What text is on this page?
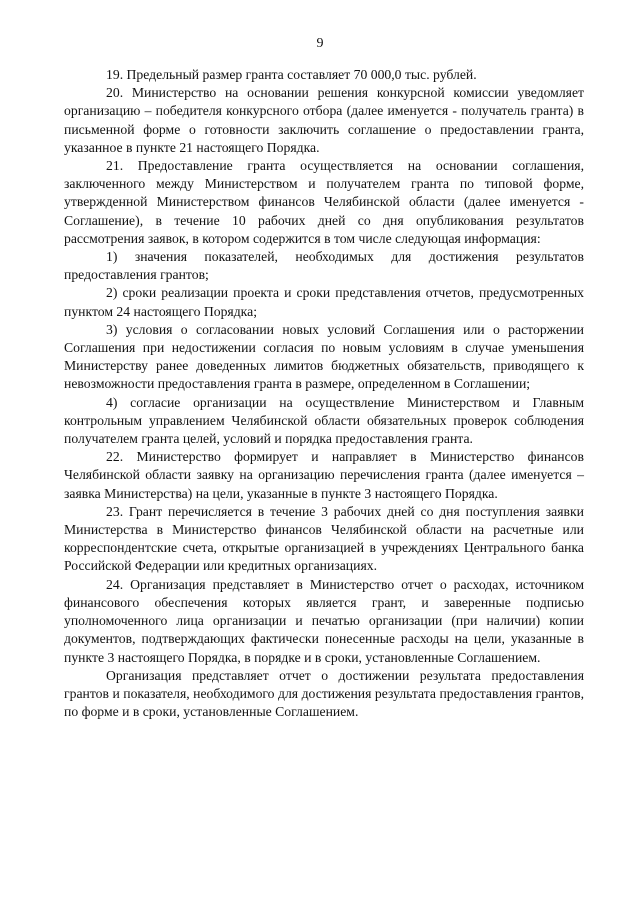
9

19. Предельный размер гранта составляет 70 000,0 тыс. рублей.

20. Министерство на основании решения конкурсной комиссии уведомляет организацию – победителя конкурсного отбора (далее именуется - получатель гранта) в письменной форме о готовности заключить соглашение о предоставлении гранта, указанное в пункте 21 настоящего Порядка.

21. Предоставление гранта осуществляется на основании соглашения, заключенного между Министерством и получателем гранта по типовой форме, утвержденной Министерством финансов Челябинской области (далее именуется - Соглашение), в течение 10 рабочих дней со дня опубликования результатов рассмотрения заявок, в котором содержится в том числе следующая информация:

1) значения показателей, необходимых для достижения результатов предоставления грантов;

2) сроки реализации проекта и сроки представления отчетов, предусмотренных пунктом 24 настоящего Порядка;

3) условия о согласовании новых условий Соглашения или о расторжении Соглашения при недостижении согласия по новым условиям в случае уменьшения Министерству ранее доведенных лимитов бюджетных обязательств, приводящего к невозможности предоставления гранта в размере, определенном в Соглашении;

4) согласие организации на осуществление Министерством и Главным контрольным управлением Челябинской области обязательных проверок соблюдения получателем гранта целей, условий и порядка предоставления гранта.

22. Министерство формирует и направляет в Министерство финансов Челябинской области заявку на организацию перечисления гранта (далее именуется – заявка Министерства) на цели, указанные в пункте 3 настоящего Порядка.

23. Грант перечисляется в течение 3 рабочих дней со дня поступления заявки Министерства в Министерство финансов Челябинской области на расчетные или корреспондентские счета, открытые организацией в учреждениях Центрального банка Российской Федерации или кредитных организациях.

24. Организация представляет в Министерство отчет о расходах, источником финансового обеспечения которых является грант, и заверенные подписью уполномоченного лица организации и печатью организации (при наличии) копии документов, подтверждающих фактически понесенные расходы на цели, указанные в пункте 3 настоящего Порядка, в порядке и в сроки, установленные Соглашением.

Организация представляет отчет о достижении результата предоставления грантов и показателя, необходимого для достижения результата предоставления грантов, по форме и в сроки, установленные Соглашением.
